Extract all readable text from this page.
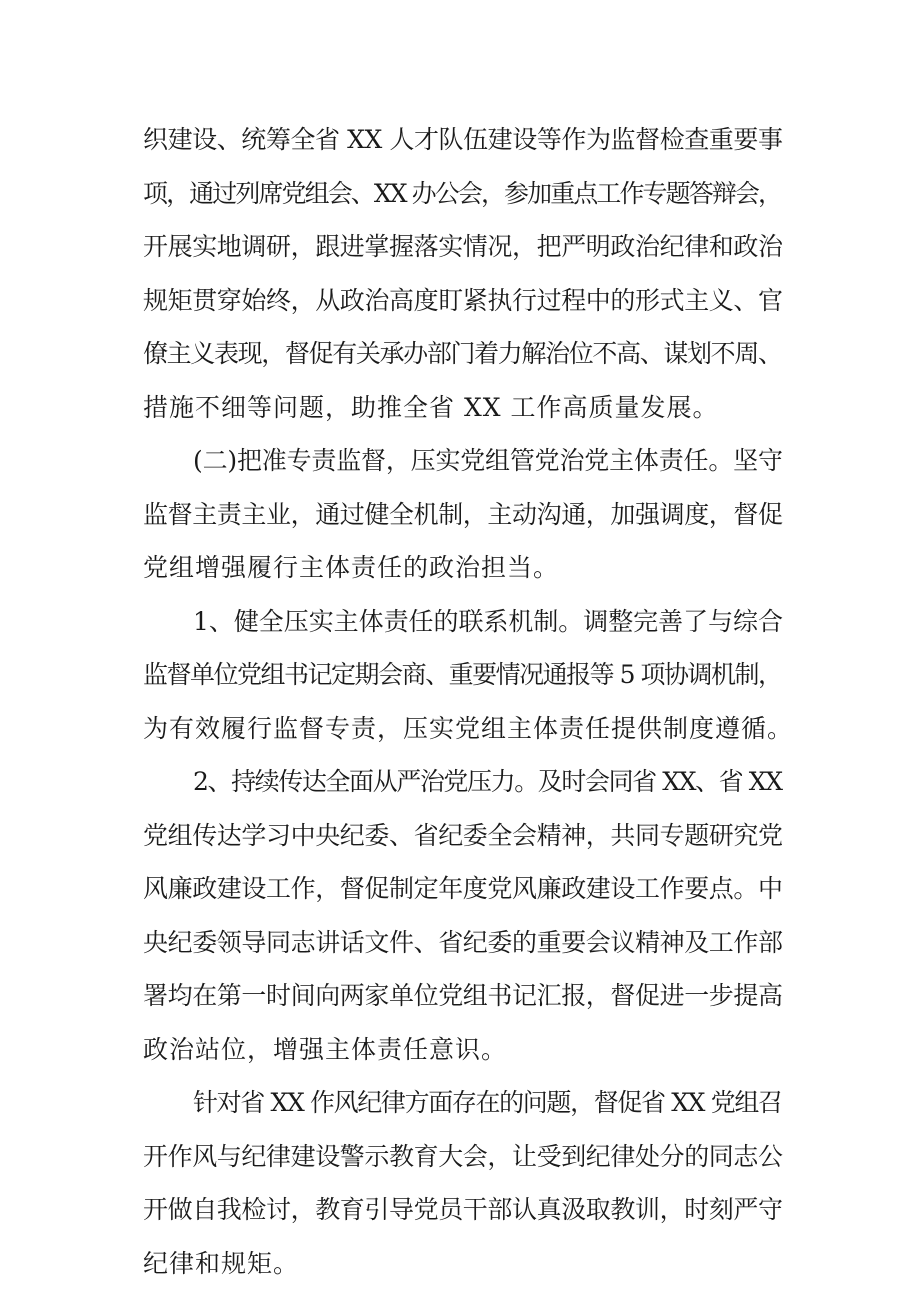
织建设、统筹全省 XX 人才队伍建设等作为监督检查重要事
项，通过列席党组会、XX 办公会，参加重点工作专题答辩会，
开展实地调研，跟进掌握落实情况，把严明政治纪律和政治
规矩贯穿始终，从政治高度盯紧执行过程中的形式主义、官
僚主义表现，督促有关承办部门着力解治位不高、谋划不周、
措施不细等问题，助推全省 XX 工作高质量发展。
(二)把准专责监督，压实党组管党治党主体责任。坚守
监督主责主业，通过健全机制，主动沟通，加强调度，督促
党组增强履行主体责任的政治担当。
1、健全压实主体责任的联系机制。调整完善了与综合
监督单位党组书记定期会商、重要情况通报等 5 项协调机制，
为有效履行监督专责，压实党组主体责任提供制度遵循。
2、持续传达全面从严治党压力。及时会同省 XX、省 XX
党组传达学习中央纪委、省纪委全会精神，共同专题研究党
风廉政建设工作，督促制定年度党风廉政建设工作要点。中
央纪委领导同志讲话文件、省纪委的重要会议精神及工作部
署均在第一时间向两家单位党组书记汇报，督促进一步提高
政治站位，增强主体责任意识。
针对省 XX 作风纪律方面存在的问题，督促省 XX 党组召
开作风与纪律建设警示教育大会，让受到纪律处分的同志公
开做自我检讨，教育引导党员干部认真汲取教训，时刻严守
纪律和规矩。
